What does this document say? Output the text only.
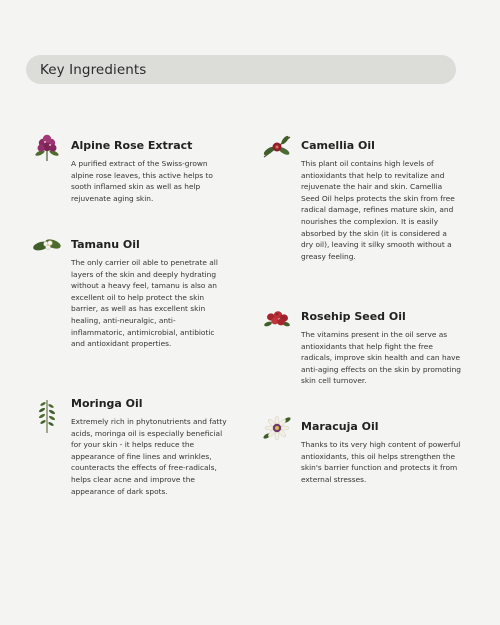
Key Ingredients
Alpine Rose Extract

A purified extract of the Swiss-grown alpine rose leaves, this active helps to sooth inflamed skin as well as help rejuvenate aging skin.

Camellia Oil

This plant oil contains high levels of antioxidants that help to revitalize and rejuvenate the hair and skin. Camellia Seed Oil helps protects the skin from free radical damage, refines mature skin, and nourishes the complexion. It is easily absorbed by the skin (it is considered a dry oil), leaving it silky smooth without a greasy feeling.

Tamanu Oil

The only carrier oil able to penetrate all layers of the skin and deeply hydrating without a heavy feel, tamanu is also an excellent oil to help protect the skin barrier, as well as has excellent skin healing, anti-neuralgic, anti-inflammatoric, antimicrobial, antibiotic and antioxidant properties.

Rosehip Seed Oil

The vitamins present in the oil serve as antioxidants that help fight the free radicals, improve skin health and can have anti-aging effects on the skin by promoting skin cell turnover.

Moringa Oil

Extremely rich in phytonutrients and fatty acids, moringa oil is especially beneficial for your skin - it helps reduce the appearance of fine lines and wrinkles, counteracts the effects of free-radicals, helps clear acne and improve the appearance of dark spots.

Maracuja Oil

Thanks to its very high content of powerful antioxidants, this oil helps strengthen the skin's barrier function and protects it from external stresses.
